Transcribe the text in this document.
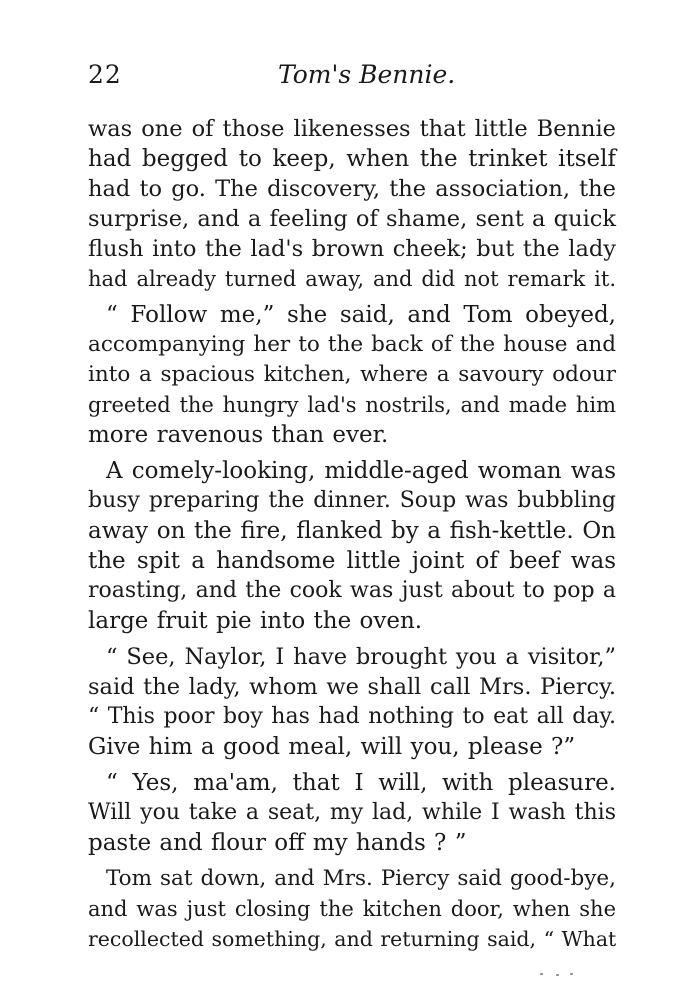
22	Tom's Bennie.
was one of those likenesses that little Bennie
had begged to keep, when the trinket itself
had to go. The discovery, the association, the
surprise, and a feeling of shame, sent a quick
flush into the lad's brown cheek; but the lady
had already turned away, and did not remark it.
“ Follow me,” she said, and Tom obeyed,
accompanying her to the back of the house and
into a spacious kitchen, where a savoury odour
greeted the hungry lad's nostrils, and made him
more ravenous than ever.
A comely-looking, middle-aged woman was
busy preparing the dinner. Soup was bubbling
away on the fire, flanked by a fish-kettle. On
the spit a handsome little joint of beef was
roasting, and the cook was just about to pop a
large fruit pie into the oven.
“ See, Naylor, I have brought you a visitor,”
said the lady, whom we shall call Mrs. Piercy.
“ This poor boy has had nothing to eat all day.
Give him a good meal, will you, please ?”
“ Yes, ma'am, that I will, with pleasure.
Will you take a seat, my lad, while I wash this
paste and flour off my hands ? ”
Tom sat down, and Mrs. Piercy said good-bye,
and was just closing the kitchen door, when she
recollected something, and returning said, “ What
